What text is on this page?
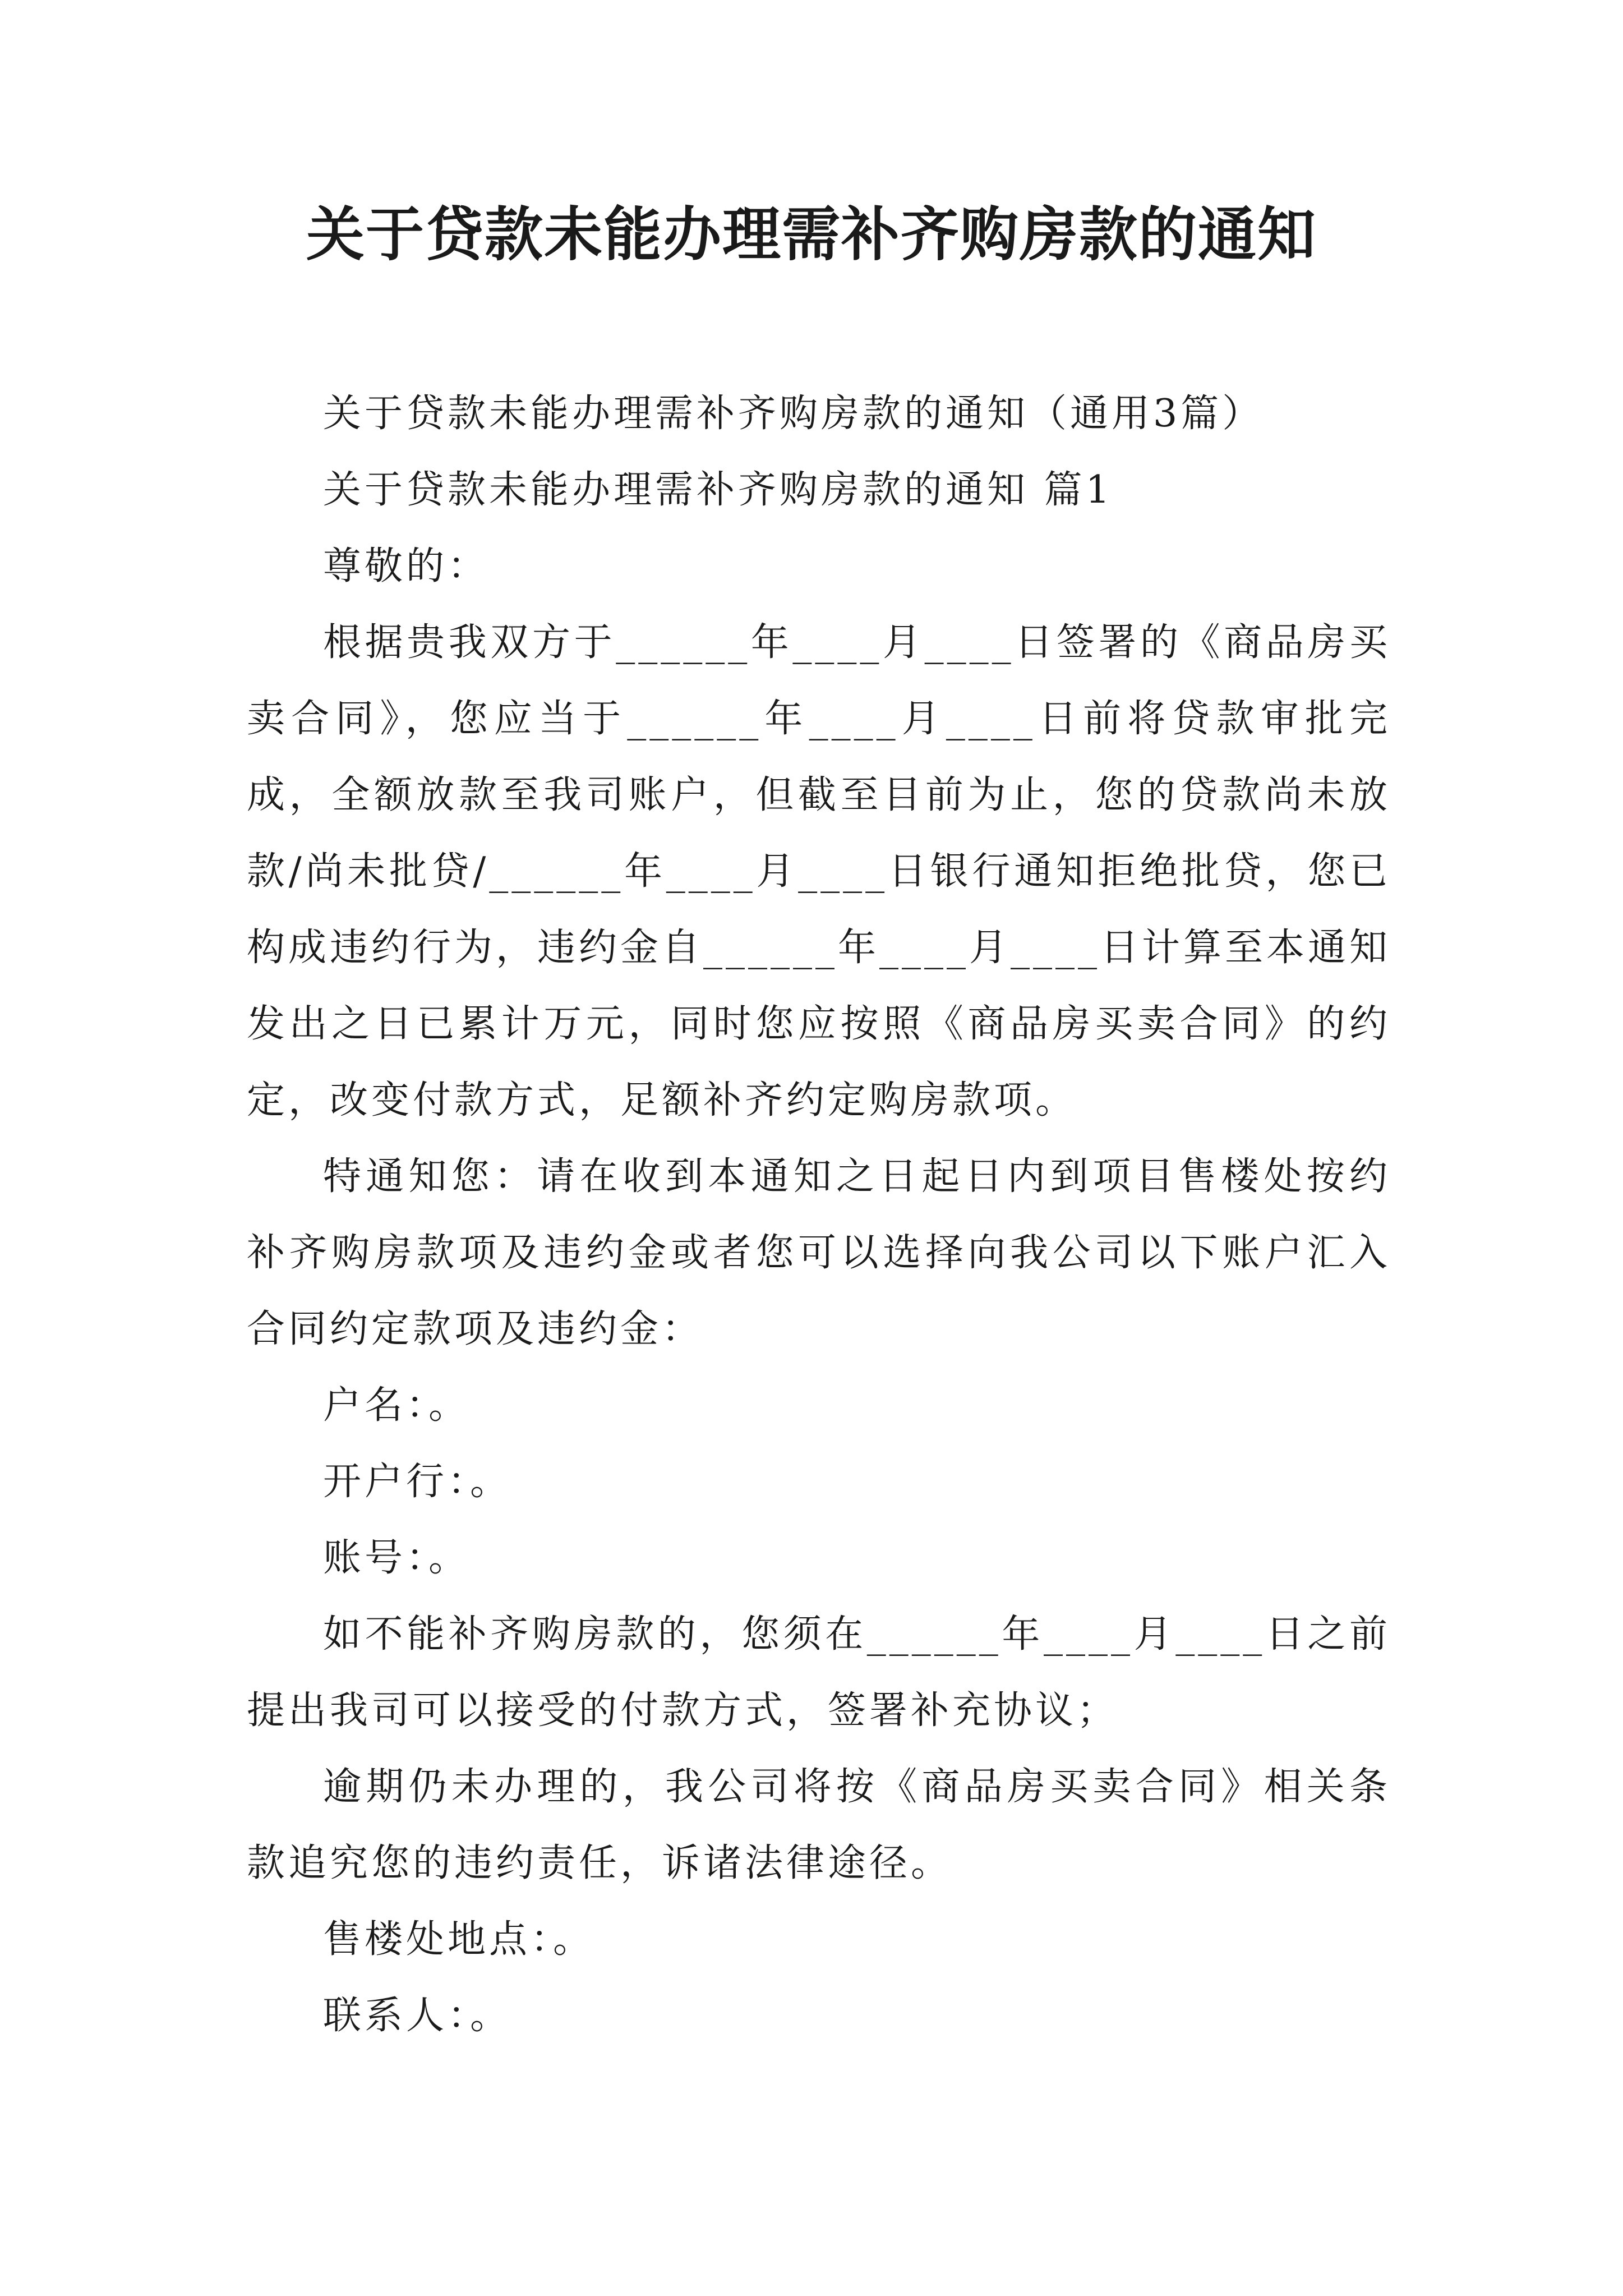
关于贷款未能办理需补齐购房款的通知

关于贷款未能办理需补齐购房款的通知（通用3篇）

关于贷款未能办理需补齐购房款的通知 篇1

尊敬的：

根据贵我双方于______年____月____日签署的《商品房买卖合同》，您应当于______年____月____日前将贷款审批完成，全额放款至我司账户，但截至目前为止，您的贷款尚未放款/尚未批贷/______年____月____日银行通知拒绝批贷，您已构成违约行为，违约金自______年____月____日计算至本通知发出之日已累计万元，同时您应按照《商品房买卖合同》的约定，改变付款方式，足额补齐约定购房款项。

特通知您：请在收到本通知之日起日内到项目售楼处按约补齐购房款项及违约金或者您可以选择向我公司以下账户汇入合同约定款项及违约金：

户名：。

开户行：。

账号：。

如不能补齐购房款的，您须在______年____月____日之前提出我司可以接受的付款方式，签署补充协议；

逾期仍未办理的，我公司将按《商品房买卖合同》相关条款追究您的违约责任，诉诸法律途径。

售楼处地点：。

联系人：。
